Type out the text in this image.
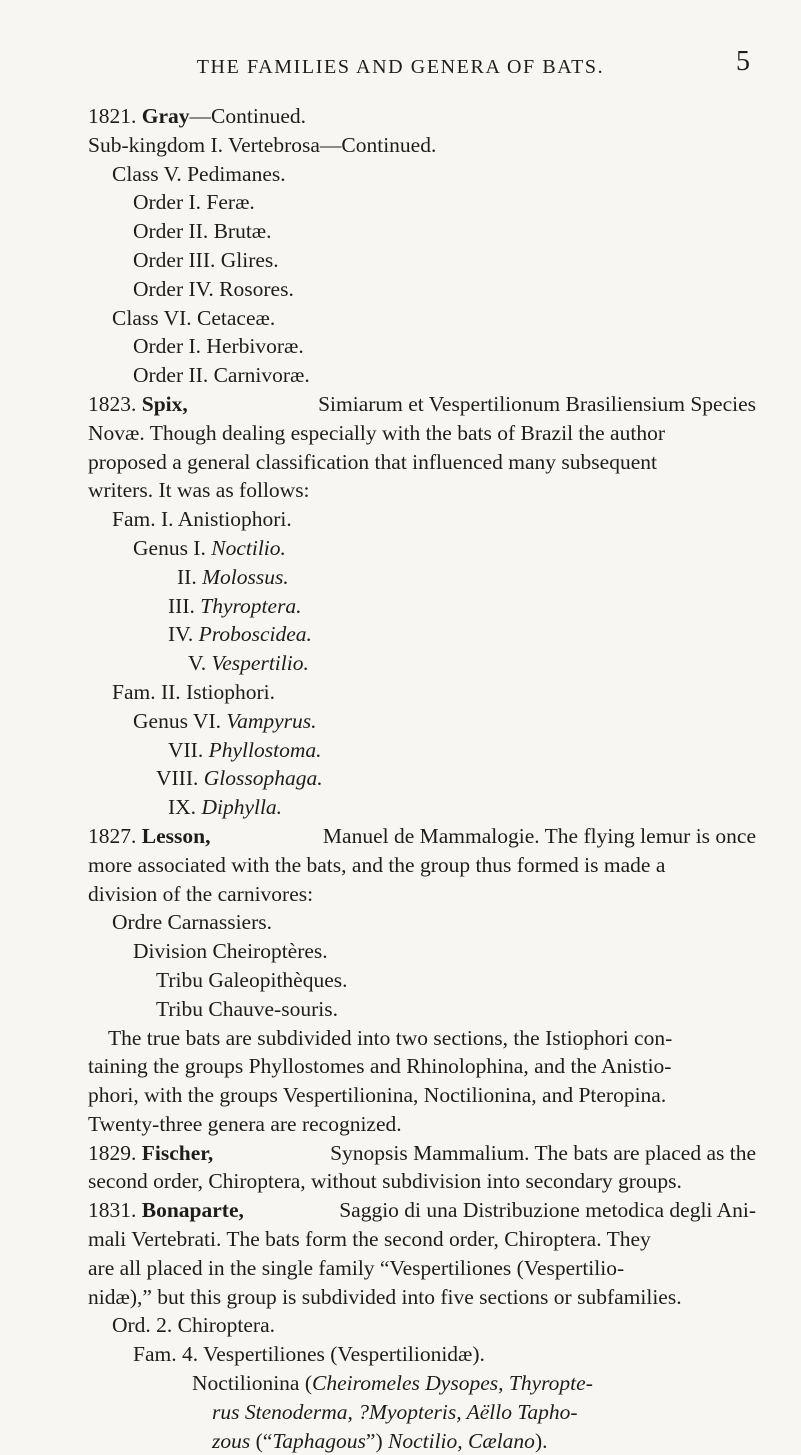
THE FAMILIES AND GENERA OF BATS.	5
1821. Gray—Continued.
Sub-kingdom I. Vertebrosa—Continued.
Class V. Pedimanes.
Order I. Feræ.
Order II. Brutæ.
Order III. Glires.
Order IV. Rosores.
Class VI. Cetaceæ.
Order I. Herbivoræ.
Order II. Carnivoræ.
1823. Spix,	Simiarum et Vespertilionum Brasiliensium Species
Novæ. Though dealing especially with the bats of Brazil the author
proposed a general classification that influenced many subsequent
writers. It was as follows:
Fam. I. Anistiophori.
Genus I. Noctilio.
II. Molossus.
III. Thyroptera.
IV. Proboscidea.
V. Vespertilio.
Fam. II. Istiophori.
Genus VI. Vampyrus.
VII. Phyllostoma.
VIII. Glossophaga.
IX. Diphylla.
1827. Lesson,	Manuel de Mammalogie. The flying lemur is once
more associated with the bats, and the group thus formed is made a
division of the carnivores:
Ordre Carnassiers.
Division Cheiroptères.
Tribu Galeopithèques.
Tribu Chauve-souris.
The true bats are subdivided into two sections, the Istiophori con-
taining the groups Phyllostomes and Rhinolophina, and the Anistio-
phori, with the groups Vespertilionina, Noctilionina, and Pteropina.
Twenty-three genera are recognized.
1829. Fischer,	Synopsis Mammalium. The bats are placed as the
second order, Chiroptera, without subdivision into secondary groups.
1831. Bonaparte,	Saggio di una Distribuzione metodica degli Ani-
mali Vertebrati. The bats form the second order, Chiroptera. They
are all placed in the single family “Vespertiliones (Vespertilio-
nidæ),” but this group is subdivided into five sections or subfamilies.
Ord. 2. Chiroptera.
Fam. 4. Vespertiliones (Vespertilionidæ).
Noctilionina (Cheiromeles Dysopes, Thyropte-
rus Stenoderma, ?Myopteris, Aëllo Tapho-
zous (“Taphagous”) Noctilio, Cælano).
